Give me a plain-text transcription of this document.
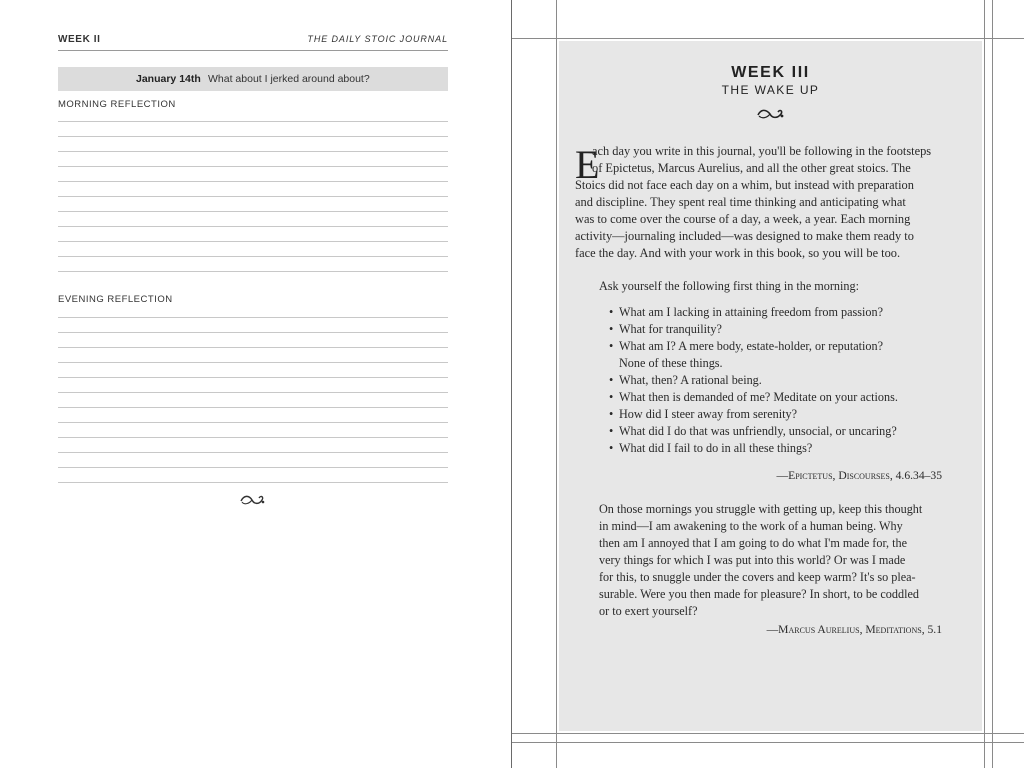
WEEK II	THE DAILY STOIC JOURNAL
January 14th What about I jerked around about?
MORNING REFLECTION
EVENING REFLECTION
WEEK III
THE WAKE UP
E
ach day you write in this journal, you'll be following in the footsteps
of Epictetus, Marcus Aurelius, and all the other great stoics. The
Stoics did not face each day on a whim, but instead with preparation
and discipline. They spent real time thinking and anticipating what
was to come over the course of a day, a week, a year. Each morning
activity—journaling included—was designed to make them ready to
face the day. And with your work in this book, so you will be too.
Ask yourself the following first thing in the morning:
• What am I lacking in attaining freedom from passion?
• What for tranquility?
• What am I? A mere body, estate-holder, or reputation?
None of these things.
• What, then? A rational being.
• What then is demanded of me? Meditate on your actions.
• How did I steer away from serenity?
• What did I do that was unfriendly, unsocial, or uncaring?
• What did I fail to do in all these things?
—Epictetus, Discourses, 4.6.34–35
On those mornings you struggle with getting up, keep this thought
in mind—I am awakening to the work of a human being. Why
then am I annoyed that I am going to do what I'm made for, the
very things for which I was put into this world? Or was I made
for this, to snuggle under the covers and keep warm? It's so plea-
surable. Were you then made for pleasure? In short, to be coddled
or to exert yourself?
—Marcus Aurelius, Meditations, 5.1
